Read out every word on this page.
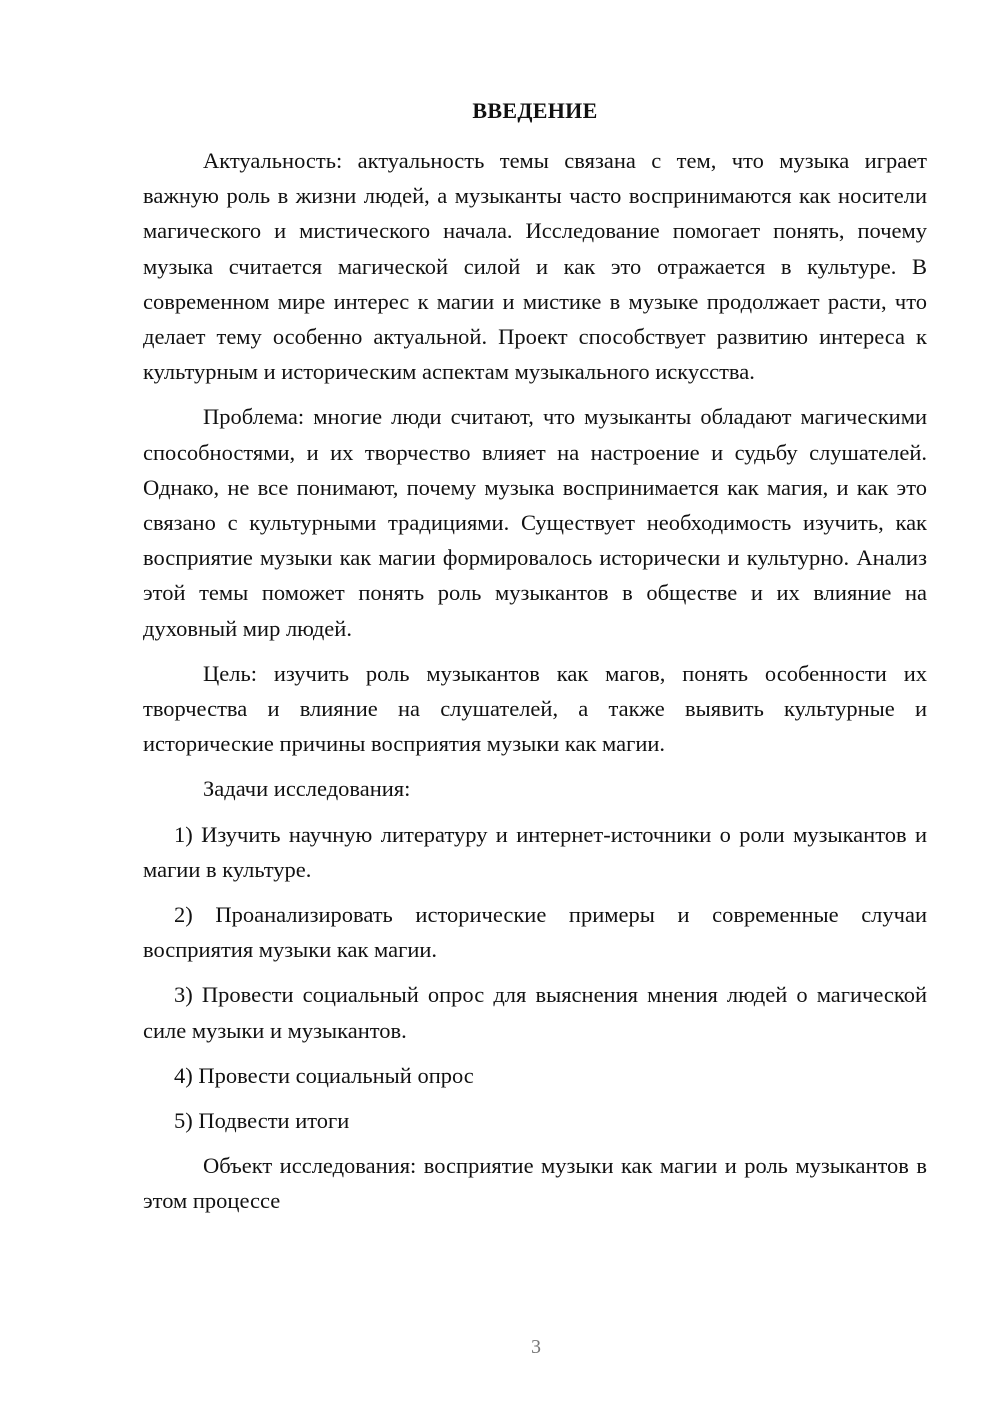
ВВЕДЕНИЕ

Актуальность: актуальность темы связана с тем, что музыка играет важную роль в жизни людей, а музыканты часто воспринимаются как носители магического и мистического начала. Исследование помогает понять, почему музыка считается магической силой и как это отражается в культуре. В современном мире интерес к магии и мистике в музыке продолжает расти, что делает тему особенно актуальной. Проект способствует развитию интереса к культурным и историческим аспектам музыкального искусства.

Проблема: многие люди считают, что музыканты обладают магическими способностями, и их творчество влияет на настроение и судьбу слушателей. Однако, не все понимают, почему музыка воспринимается как магия, и как это связано с культурными традициями. Существует необходимость изучить, как восприятие музыки как магии формировалось исторически и культурно. Анализ этой темы поможет понять роль музыкантов в обществе и их влияние на духовный мир людей.

Цель: изучить роль музыкантов как магов, понять особенности их творчества и влияние на слушателей, а также выявить культурные и исторические причины восприятия музыки как магии.

Задачи исследования:

1) Изучить научную литературу и интернет-источники о роли музыкантов и магии в культуре.

2) Проанализировать исторические примеры и современные случаи восприятия музыки как магии.

3) Провести социальный опрос для выяснения мнения людей о магической силе музыки и музыкантов.

4) Провести социальный опрос

5) Подвести итоги

Объект исследования: восприятие музыки как магии и роль музыкантов в этом процессе

3
